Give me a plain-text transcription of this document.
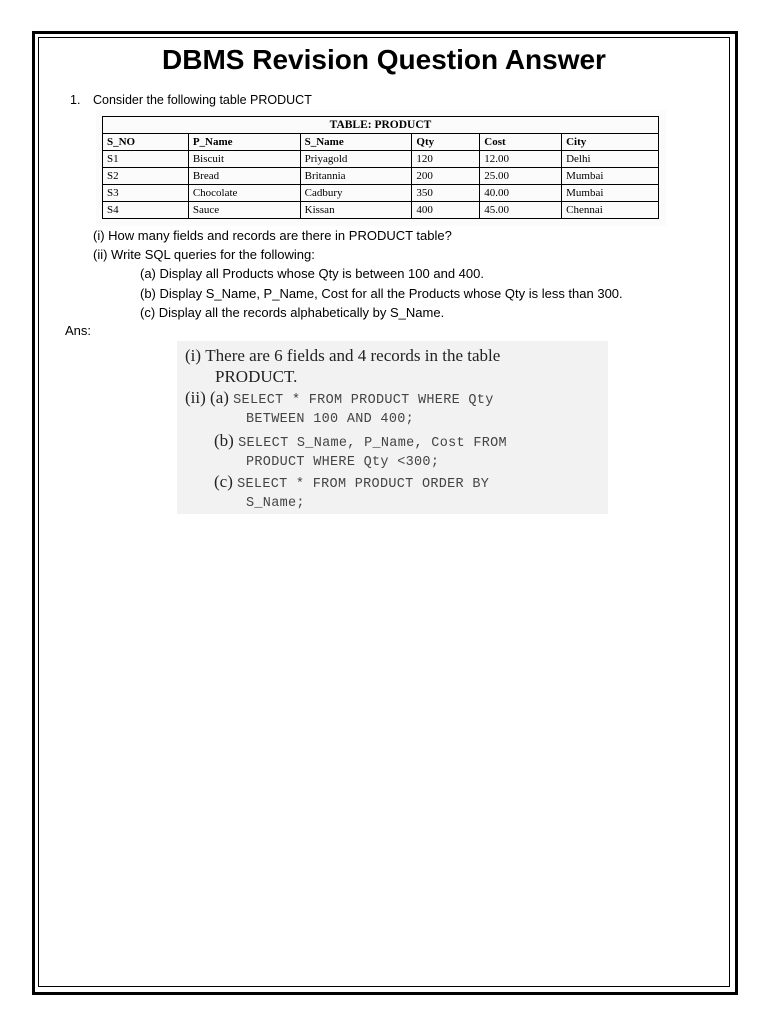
DBMS Revision Question Answer
1. Consider the following table PRODUCT
TABLE: PRODUCT
S_NO	P_Name	S_Name	Qty	Cost	City
S1	Biscuit	Priyagold	120	12.00	Delhi
S2	Bread	Britannia	200	25.00	Mumbai
S3	Chocolate	Cadbury	350	40.00	Mumbai
S4	Sauce	Kissan	400	45.00	Chennai
(i) How many fields and records are there in PRODUCT table?
(ii) Write SQL queries for the following:
(a) Display all Products whose Qty is between 100 and 400.
(b) Display S_Name, P_Name, Cost for all the Products whose Qty is less than 300.
(c) Display all the records alphabetically by S_Name.
Ans:
(i) There are 6 fields and 4 records in the table
PRODUCT.
(ii) (a) SELECT * FROM PRODUCT WHERE Qty
BETWEEN 100 AND 400;
(b) SELECT S_Name, P_Name, Cost FROM
PRODUCT WHERE Qty <300;
(c) SELECT * FROM PRODUCT ORDER BY
S_Name;
